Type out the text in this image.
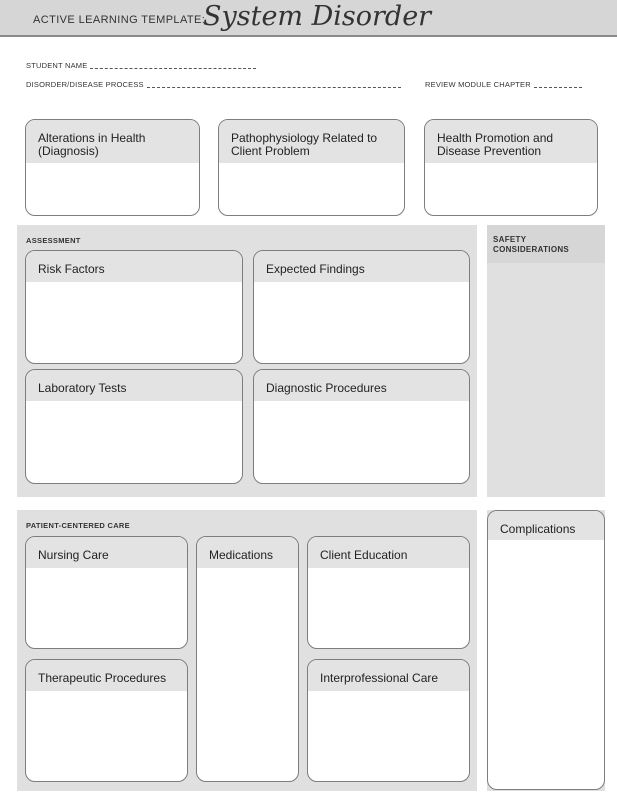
ACTIVE LEARNING TEMPLATE:
System Disorder
STUDENT NAME
DISORDER/DISEASE PROCESS	REVIEW MODULE CHAPTER
Alterations in Health (Diagnosis)
Pathophysiology Related to Client Problem
Health Promotion and Disease Prevention
ASSESSMENT
Risk Factors	Expected Findings
Laboratory Tests	Diagnostic Procedures
SAFETY CONSIDERATIONS
PATIENT-CENTERED CARE
Nursing Care	Medications	Client Education
Therapeutic Procedures	Interprofessional Care
Complications
